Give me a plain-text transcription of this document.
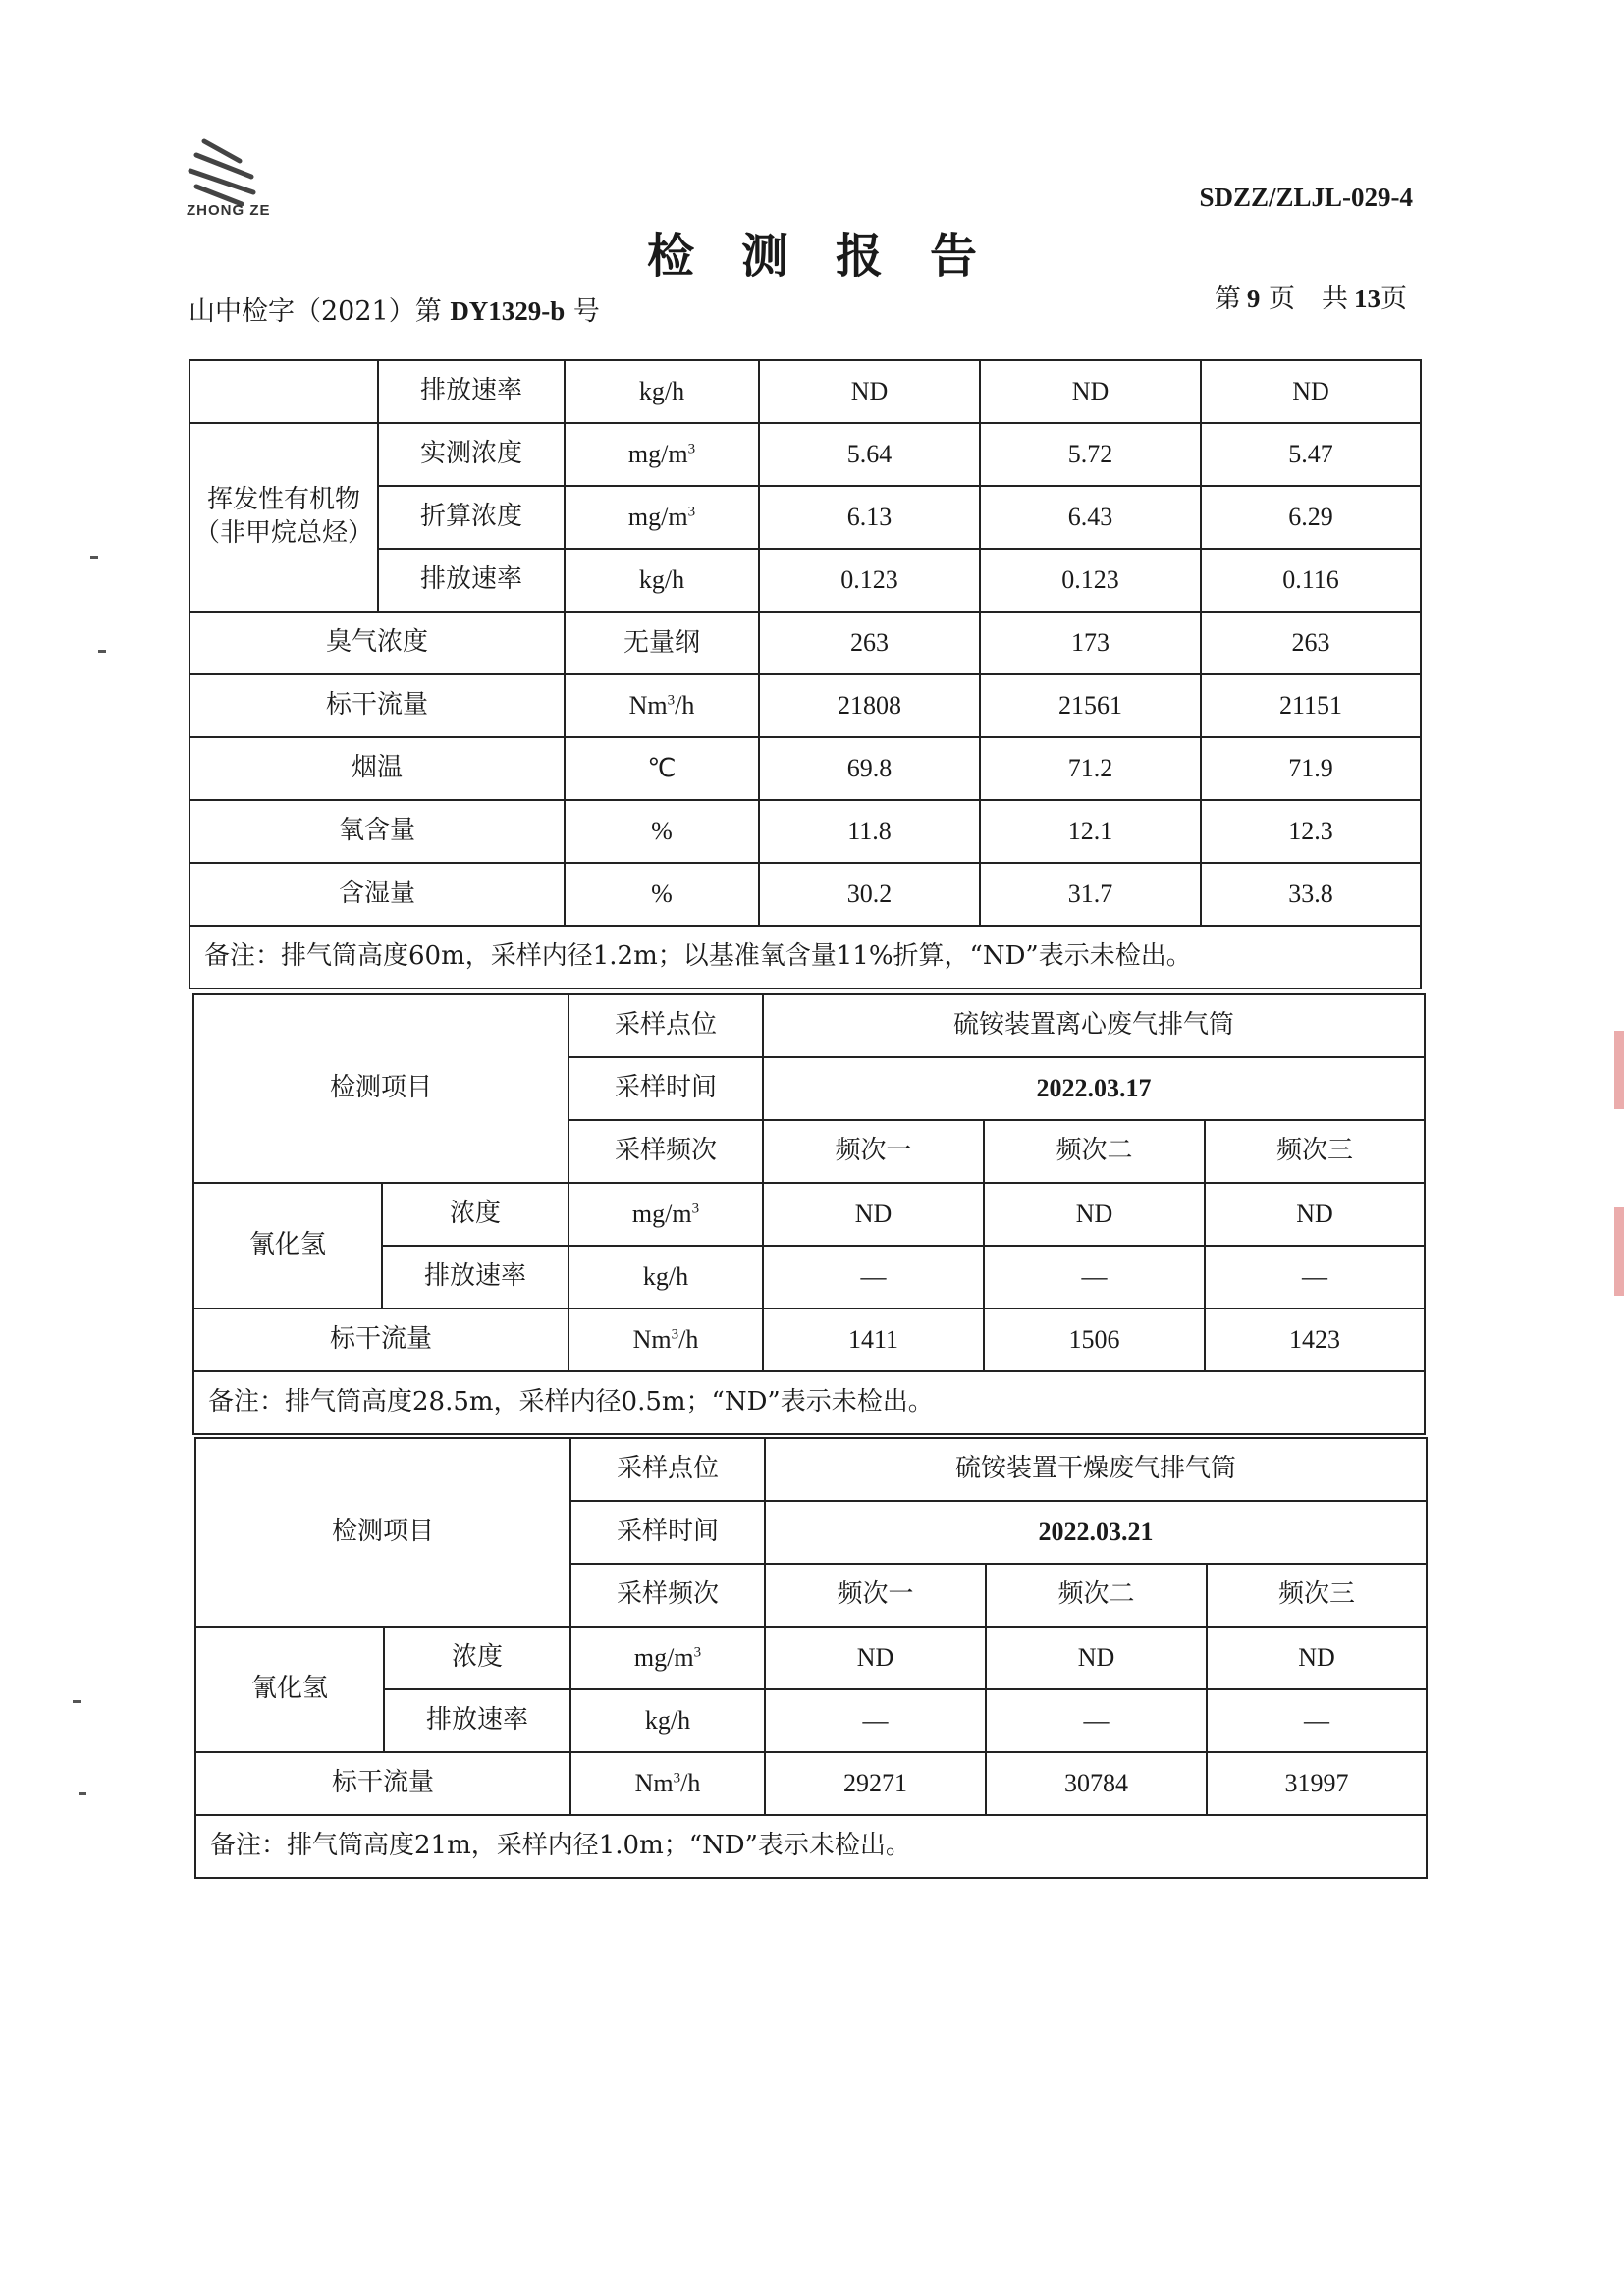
ZHONG ZE	SDZZ/ZLJL-029-4
检测报告
山中检字（2021）第 DY1329-b 号	第 9 页　共 13页
	排放速率	kg/h	ND	ND	ND
挥发性有机物（非甲烷总烃）	实测浓度	$mg/m^3$	5.64	5.72	5.47
	折算浓度	$mg/m^3$	6.13	6.43	6.29
	排放速率	kg/h	0.123	0.123	0.116
臭气浓度		无量纲	263	173	263
标干流量		Nm$^3$/h	21808	21561	21151
烟温		℃	69.8	71.2	71.9
氧含量		%	11.8	12.1	12.3
含湿量		%	30.2	31.7	33.8
备注：排气筒高度60m，采样内径1.2m；以基准氧含量11%折算，“ND”表示未检出。					
检测项目		采样点位	硫铵装置离心废气排气筒		
		采样时间	2022.03.17		
		采样频次	频次一	频次二	频次三
氰化氢	浓度	$mg/m^3$	ND	ND	ND
	排放速率	kg/h	—	—	—
标干流量		Nm$^3$/h	1411	1506	1423
备注：排气筒高度28.5m，采样内径0.5m；“ND”表示未检出。					
检测项目		采样点位	硫铵装置干燥废气排气筒		
		采样时间	2022.03.21		
		采样频次	频次一	频次二	频次三
氰化氢	浓度	$mg/m^3$	ND	ND	ND
	排放速率	kg/h	—	—	—
标干流量		Nm$^3$/h	29271	30784	31997
备注：排气筒高度21m，采样内径1.0m；“ND”表示未检出。					
